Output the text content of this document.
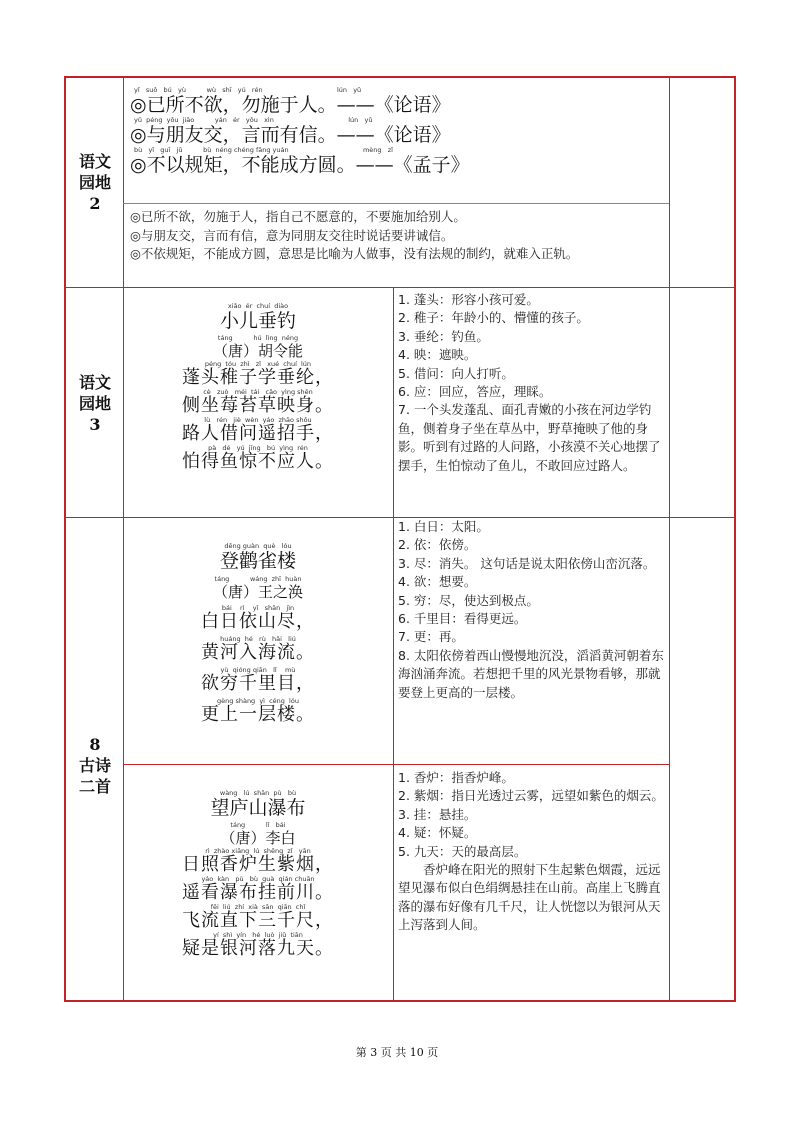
语文
园地
2
yǐ   suǒ   bú   yù          wù   shī   yú   rén                                    lún   yǔ
◎已所不欲，勿施于人。——《论语》
yǔ  péng  yǒu  jiāo          yán   ér   yǒu   xìn                                    lún   yǔ
◎与朋友交，言而有信。——《论语》
bù   yǐ   guī   jǔ          bù  néng chéng fāng yuán                                    mèng   zǐ
◎不以规矩，不能成方圆。——《孟子》
◎已所不欲，勿施于人，指自己不愿意的，不要施加给别人。
◎与朋友交，言而有信，意为同朋友交往时说话要讲诚信。
◎不依规矩，不能成方圆，意思是比喻为人做事，没有法规的制约，就难入正轨。
语文
园地
3
xiǎo  ér  chuí  diào
小儿垂钓
táng          hú  lìng  néng
（唐）胡令能
péng  tóu  zhì   zǐ   xué  chuí  lún
蓬头稚子学垂纶，
cè   zuò   méi  tái   cǎo  yìng shēn
侧坐莓苔草映身。
lù   rén   jiè  wèn  yáo  zhāo shǒu
路人借问遥招手，
pà   dé   yú  jīng   bú  yìng  rén
怕得鱼惊不应人。
1. 蓬头：形容小孩可爱。
2. 稚子：年龄小的、懵懂的孩子。
3. 垂纶：钓鱼。
4. 映：遮映。
5. 借问：向人打听。
6. 应：回应，答应，理睬。
7. 一个头发蓬乱、面孔青嫩的小孩在河边学钓鱼，侧着身子坐在草丛中，野草掩映了他的身影。听到有过路的人问路，小孩漠不关心地摆了摆手，生怕惊动了鱼儿，不敢回应过路人。
8
古诗
二首
dēng guàn  què   lóu
登鹳雀楼
táng          wáng  zhī  huàn
（唐）王之涣
bái    rì    yī   shān   jìn
白日依山尽，
huáng  hé   rù   hǎi   liú
黄河入海流。
yù  qióng qiān   lǐ    mù
欲穷千里目，
gèng shàng  yì  céng  lóu
更上一层楼。
1. 白日：太阳。
2. 依：依傍。
3. 尽：消失。 这句话是说太阳依傍山峦沉落。
4. 欲：想要。
5. 穷：尽，使达到极点。
6. 千里目：看得更远。
7. 更：再。
8. 太阳依傍着西山慢慢地沉没，滔滔黄河朝着东海汹涌奔流。若想把千里的风光景物看够，那就要登上更高的一层楼。
wàng   lú  shān  pù   bù
望庐山瀑布
táng          lǐ   bái
（唐）李白
rì  zhào xiāng  lú  shēng  zǐ   yān
日照香炉生紫烟，
yáo  kàn   pù   bù  guà  qián chuān
遥看瀑布挂前川。
fēi  liú  zhí  xià  sān  qiān  chǐ
飞流直下三千尺，
yí  shì  yín   hé  luò  jiǔ  tiān
疑是银河落九天。
1. 香炉：指香炉峰。
2. 紫烟：指日光透过云雾，远望如紫色的烟云。
3. 挂：悬挂。
4. 疑：怀疑。
5. 九天：天的最高层。
香炉峰在阳光的照射下生起紫色烟霞，远远望见瀑布似白色绢绸悬挂在山前。高崖上飞腾直落的瀑布好像有几千尺，让人恍惚以为银河从天上泻落到人间。
第 3 页 共 10 页
